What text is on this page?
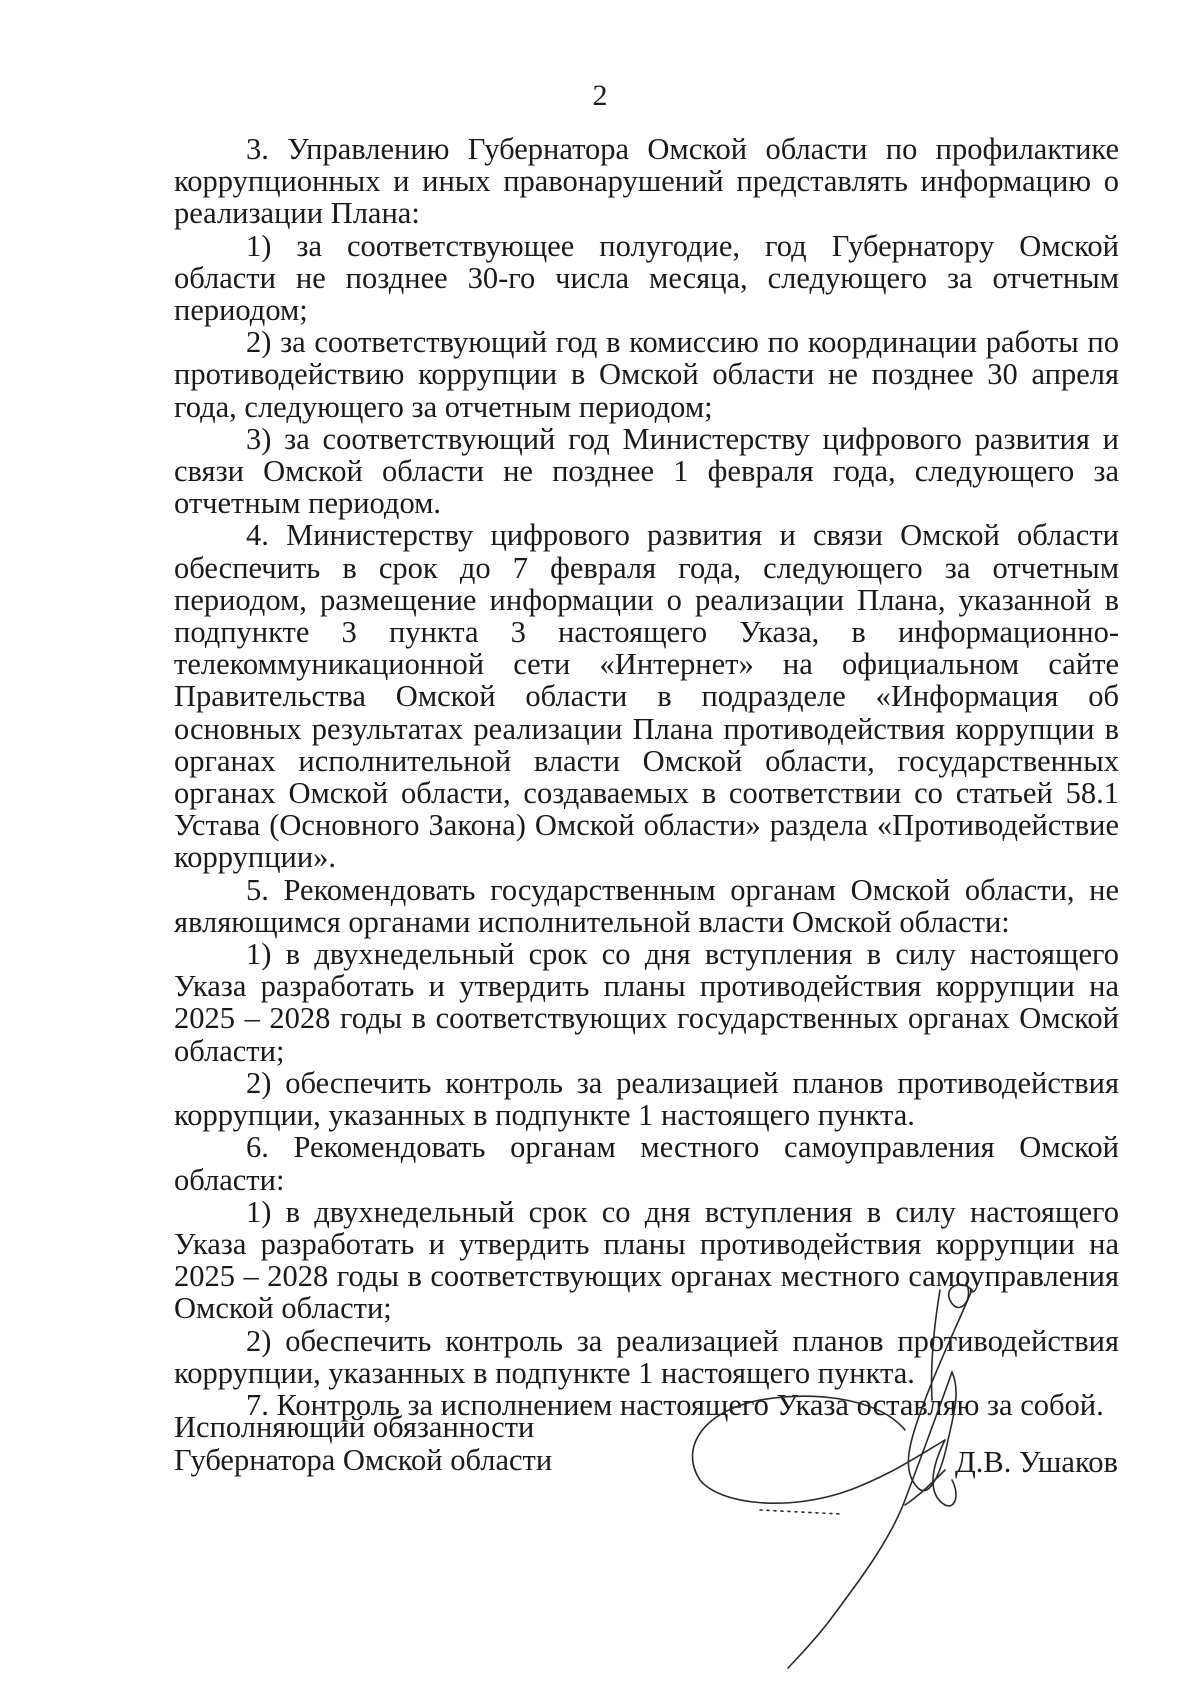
2

3. Управлению Губернатора Омской области по профилактике коррупционных и иных правонарушений представлять информацию о реализации Плана:

1) за соответствующее полугодие, год Губернатору Омской области не позднее 30-го числа месяца, следующего за отчетным периодом;

2) за соответствующий год в комиссию по координации работы по противодействию коррупции в Омской области не позднее 30 апреля года, следующего за отчетным периодом;

3) за соответствующий год Министерству цифрового развития и связи Омской области не позднее 1 февраля года, следующего за отчетным периодом.

4. Министерству цифрового развития и связи Омской области обеспечить в срок до 7 февраля года, следующего за отчетным периодом, размещение информации о реализации Плана, указанной в подпункте 3 пункта 3 настоящего Указа, в информационно-телекоммуникационной сети «Интернет» на официальном сайте Правительства Омской области в подразделе «Информация об основных результатах реализации Плана противодействия коррупции в органах исполнительной власти Омской области, государственных органах Омской области, создаваемых в соответствии со статьей 58.1 Устава (Основного Закона) Омской области» раздела «Противодействие коррупции».

5. Рекомендовать государственным органам Омской области, не являющимся органами исполнительной власти Омской области:

1) в двухнедельный срок со дня вступления в силу настоящего Указа разработать и утвердить планы противодействия коррупции на 2025 – 2028 годы в соответствующих государственных органах Омской области;

2) обеспечить контроль за реализацией планов противодействия коррупции, указанных в подпункте 1 настоящего пункта.

6. Рекомендовать органам местного самоуправления Омской области:

1) в двухнедельный срок со дня вступления в силу настоящего Указа разработать и утвердить планы противодействия коррупции на 2025 – 2028 годы в соответствующих органах местного самоуправления Омской области;

2) обеспечить контроль за реализацией планов противодействия коррупции, указанных в подпункте 1 настоящего пункта.

7. Контроль за исполнением настоящего Указа оставляю за собой.

Исполняющий обязанности
Губернатора Омской области	Д.В. Ушаков
